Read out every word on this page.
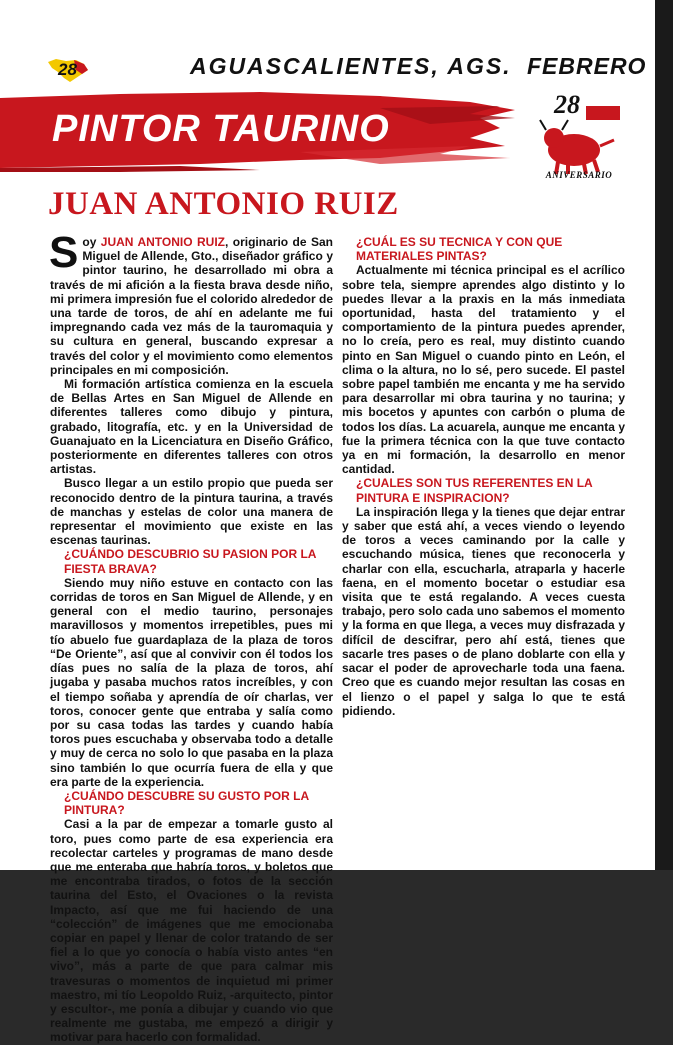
28	AGUASCALIENTES, AGS. FEBRERO
PINTOR TAURINO
28
ANIVERSARIO
JUAN ANTONIO RUIZ

Soy JUAN ANTONIO RUIZ, originario de San Miguel de Allende, Gto., diseñador gráfico y pintor taurino, he desarrollado mi obra a través de mi afición a la fiesta brava desde niño, mi primera impresión fue el colorido alrededor de una tarde de toros, de ahí en adelante me fui impregnando cada vez más de la tauromaquia y su cultura en general, buscando expresar a través del color y el movimiento como elementos principales en mi composición.

Mi formación artística comienza en la escuela de Bellas Artes en San Miguel de Allende en diferentes talleres como dibujo y pintura, grabado, litografía, etc. y en la Universidad de Guanajuato en la Licenciatura en Diseño Gráfico, posteriormente en diferentes talleres con otros artistas.

Busco llegar a un estilo propio que pueda ser reconocido dentro de la pintura taurina, a través de manchas y estelas de color una manera de representar el movimiento que existe en las escenas taurinas.

¿CUÁNDO DESCUBRIO SU PASION POR LA FIESTA BRAVA?

Siendo muy niño estuve en contacto con las corridas de toros en San Miguel de Allende, y en general con el medio taurino, personajes maravillosos y momentos irrepetibles, pues mi tío abuelo fue guardaplaza de la plaza de toros “De Oriente”, así que al convivir con él todos los días pues no salía de la plaza de toros, ahí jugaba y pasaba muchos ratos increíbles, y con el tiempo soñaba y aprendía de oír charlas, ver toros, conocer gente que entraba y salía como por su casa todas las tardes y cuando había toros pues escuchaba y observaba todo a detalle y muy de cerca no solo lo que pasaba en la plaza sino también lo que ocurría fuera de ella y que era parte de la experiencia.

¿CUÁNDO DESCUBRE SU GUSTO POR LA PINTURA?

Casi a la par de empezar a tomarle gusto al toro, pues como parte de esa experiencia era recolectar carteles y programas de mano desde que me enteraba que habría toros, y boletos que me encontraba tirados, o fotos de la sección taurina del Esto, el Ovaciones o la revista Impacto, así que me fui haciendo de una “colección” de imágenes que me emocionaba copiar en papel y llenar de color tratando de ser fiel a lo que yo conocía o había visto antes “en vivo”, más a parte de que para calmar mis travesuras o momentos de inquietud mi primer maestro, mi tío Leopoldo Ruiz, -arquitecto, pintor y escultor-, me ponía a dibujar y cuando vio que realmente me gustaba, me empezó a dirigir y motivar para hacerlo con formalidad.

¿CUÁL ES SU TECNICA Y CON QUE MATERIALES PINTAS?

Actualmente mi técnica principal es el acrílico sobre tela, siempre aprendes algo distinto y lo puedes llevar a la praxis en la más inmediata oportunidad, hasta del tratamiento y el comportamiento de la pintura puedes aprender, no lo creía, pero es real, muy distinto cuando pinto en San Miguel o cuando pinto en León, el clima o la altura, no lo sé, pero sucede. El pastel sobre papel también me encanta y me ha servido para desarrollar mi obra taurina y no taurina; y mis bocetos y apuntes con carbón o pluma de todos los días. La acuarela, aunque me encanta y fue la primera técnica con la que tuve contacto ya en mi formación, la desarrollo en menor cantidad.

¿CUALES SON TUS REFERENTES EN LA PINTURA E INSPIRACION?

La inspiración llega y la tienes que dejar entrar y saber que está ahí, a veces viendo o leyendo de toros a veces caminando por la calle y escuchando música, tienes que reconocerla y charlar con ella, escucharla, atraparla y hacerle faena, en el momento bocetar o estudiar esa visita que te está regalando. A veces cuesta trabajo, pero solo cada uno sabemos el momento y la forma en que llega, a veces muy disfrazada y difícil de descifrar, pero ahí está, tienes que sacarle tres pases o de plano doblarte con ella y sacar el poder de aprovecharle toda una faena. Creo que es cuando mejor resultan las cosas en el lienzo o el papel y salga lo que te está pidiendo.
